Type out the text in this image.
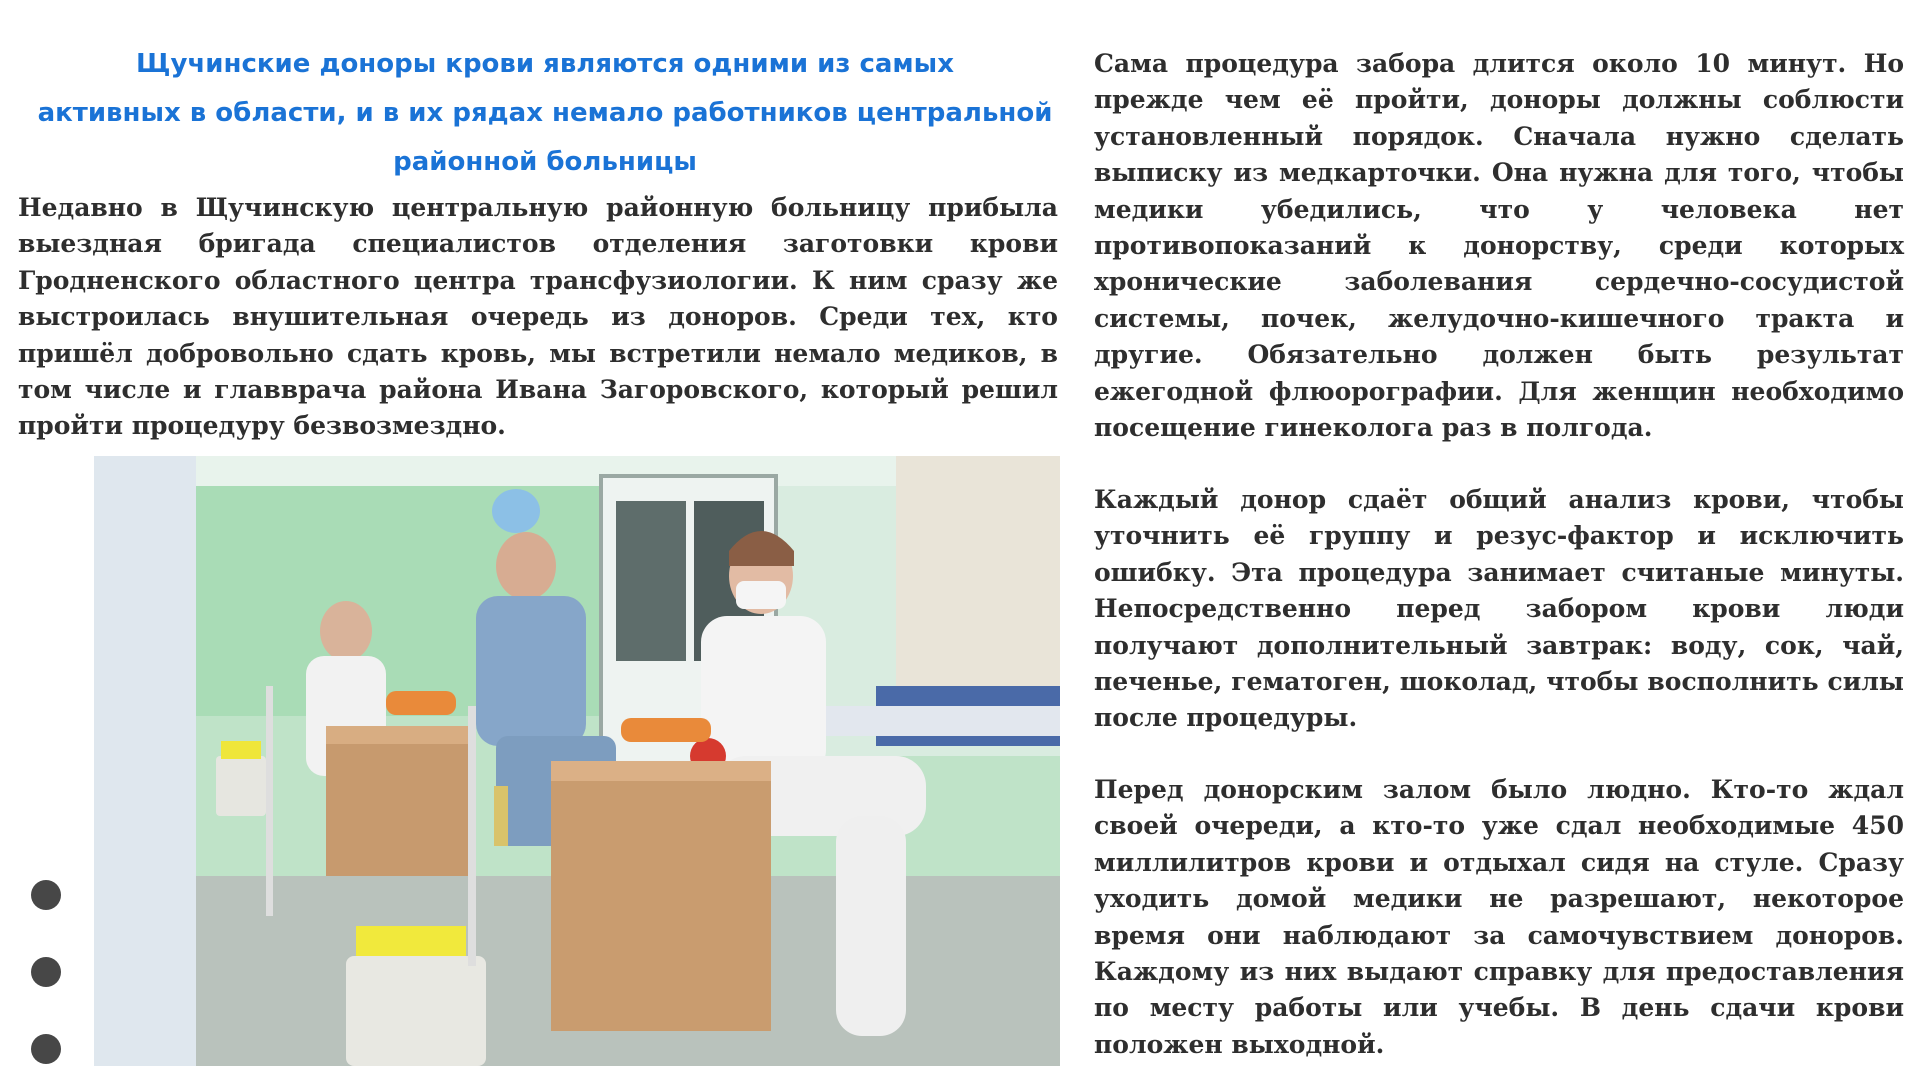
Щучинские доноры крови являются одними из самых
активных в области, и в их рядах немало работников центральной
районной больницы

Недавно в Щучинскую центральную районную больницу прибыла выездная бригада специалистов отделения заготовки крови Гродненского областного центра трансфузиологии. К ним сразу же выстроилась внушительная очередь из доноров. Среди тех, кто пришёл добровольно сдать кровь, мы встретили немало медиков, в том числе и главврача района Ивана Загоровского, который решил пройти процедуру безвозмездно.

Сама процедура забора длится около 10 минут. Но прежде чем её пройти, доноры должны соблюсти установленный порядок. Сначала нужно сделать выписку из медкарточки. Она нужна для того, чтобы медики убедились, что у человека нет противопоказаний к донорству, среди которых хронические заболевания сердечно-сосудистой системы, почек, желудочно-кишечного тракта и другие. Обязательно должен быть результат ежегодной флюорографии. Для женщин необходимо посещение гинеколога раз в полгода.

Каждый донор сдаёт общий анализ крови, чтобы уточнить её группу и резус-фактор и исключить ошибку. Эта процедура занимает считаные минуты. Непосредственно перед забором крови люди получают дополнительный завтрак: воду, сок, чай, печенье, гематоген, шоколад, чтобы восполнить силы после процедуры.

Перед донорским залом было людно. Кто-то ждал своей очереди, а кто-то уже сдал необходимые 450 миллилитров крови и отдыхал сидя на стуле. Сразу уходить домой медики не разрешают, некоторое время они наблюдают за самочувствием доноров. Каждому из них выдают справку для предоставления по месту работы или учебы. В день сдачи крови положен выходной.
